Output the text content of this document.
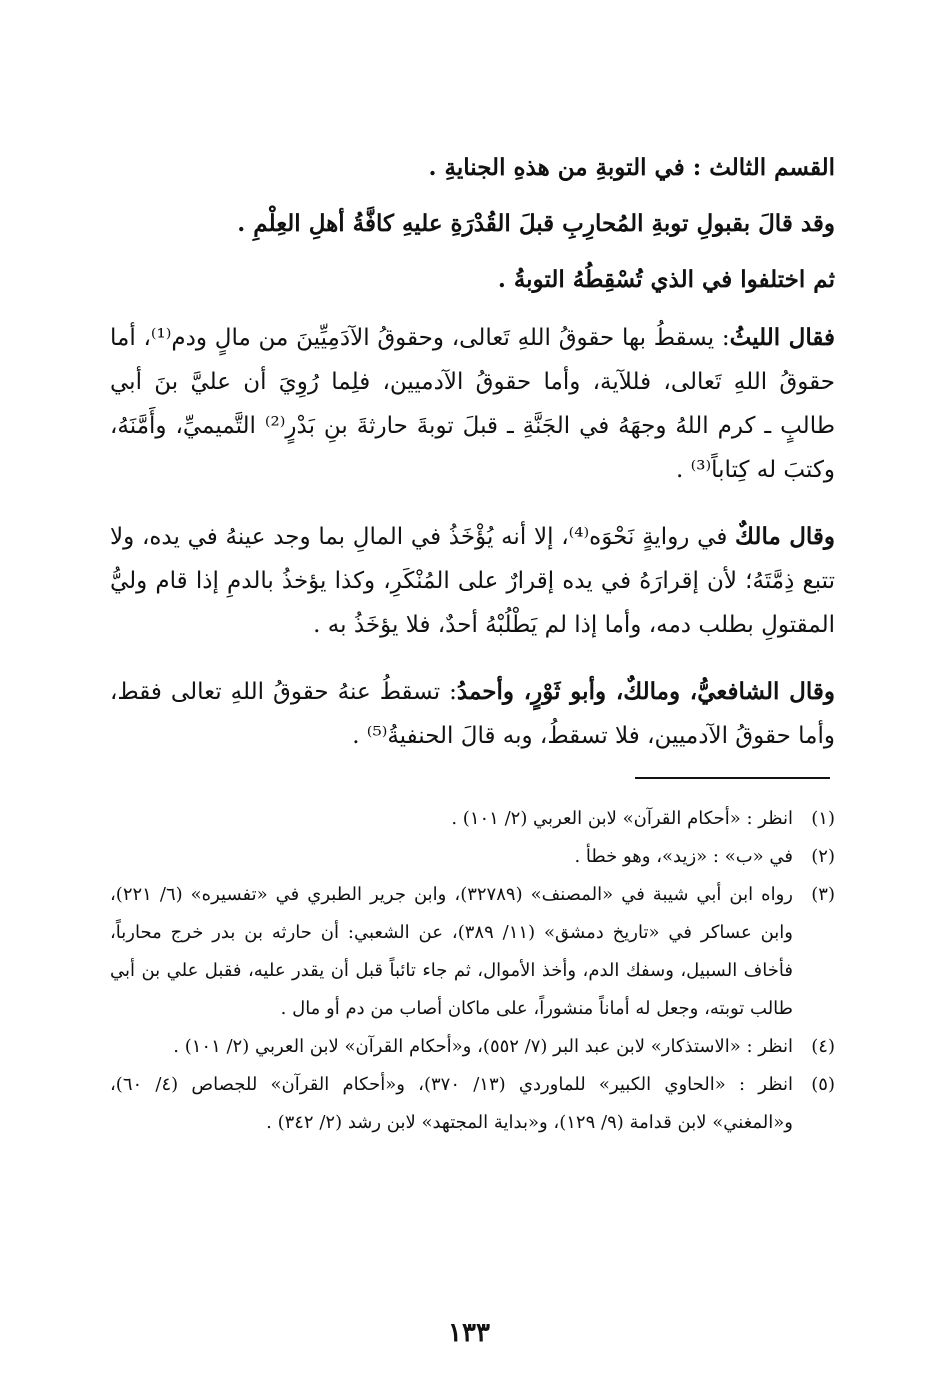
القسم الثالث : في التوبةِ من هذهِ الجنايةِ .
وقد قالَ بقبولِ توبةِ المُحارِبِ قبلَ القُدْرَةِ عليهِ كافَّةُ أهلِ العِلْمِ .
ثم اختلفوا في الذي تُسْقِطُهُ التوبةُ .

فقال الليثُ: يسقطُ بها حقوقُ اللهِ تَعالى، وحقوقُ الآدَمِيِّينَ من مالٍ ودم⁽¹⁾، أما حقوقُ اللهِ تَعالى، فللآية، وأما حقوقُ الآدميين، فلِما رُوِيَ أن عليَّ بنَ أبي طالبٍ ـ كرم اللهُ وجهَهُ في الجَنَّةِ ـ قبلَ توبةَ حارثةَ بنِ بَدْرٍ⁽²⁾ التَّميميِّ، وأَمَّنَهُ، وكتبَ له كِتاباً⁽³⁾ .

وقال مالكٌ في روايةٍ نَحْوَه⁽⁴⁾، إلا أنه يُؤْخَذُ في المالِ بما وجد عينهُ في يده، ولا تتبع ذِمَّتَهُ؛ لأن إقرارَهُ في يده إقرارٌ على المُنْكَرِ، وكذا يؤخذُ بالدمِ إذا قام وليُّ المقتولِ بطلب دمه، وأما إذا لم يَطْلُبْهُ أحدٌ، فلا يؤخَذُ به .

وقال الشافعيُّ، ومالكٌ، وأبو ثَوْرٍ، وأحمدُ: تسقطُ عنهُ حقوقُ اللهِ تعالى فقط، وأما حقوقُ الآدميين، فلا تسقطُ، وبه قالَ الحنفيةُ⁽⁵⁾ .

(١)
انظر : «أحكام القرآن» لابن العربي (٢/ ١٠١) .
(٢)
في «ب» : «زيد»، وهو خطأ .
(٣)
رواه ابن أبي شيبة في «المصنف» (٣٢٧٨٩)، وابن جرير الطبري في «تفسيره» (٦/ ٢٢١)، وابن عساكر في «تاريخ دمشق» (١١/ ٣٨٩)، عن الشعبي: أن حارثه بن بدر خرج محارباً، فأخاف السبيل، وسفك الدم، وأخذ الأموال، ثم جاء تائباً قبل أن يقدر عليه، فقبل علي بن أبي طالب توبته، وجعل له أماناً منشوراً، على ماكان أصاب من دم أو مال .
(٤)
انظر : «الاستذكار» لابن عبد البر (٧/ ٥٥٢)، و«أحكام القرآن» لابن العربي (٢/ ١٠١) .
(٥)
انظر : «الحاوي الكبير» للماوردي (١٣/ ٣٧٠)، و«أحكام القرآن» للجصاص (٤/ ٦٠)، و«المغني» لابن قدامة (٩/ ١٢٩)، و«بداية المجتهد» لابن رشد (٢/ ٣٤٢) .
١٣٣
